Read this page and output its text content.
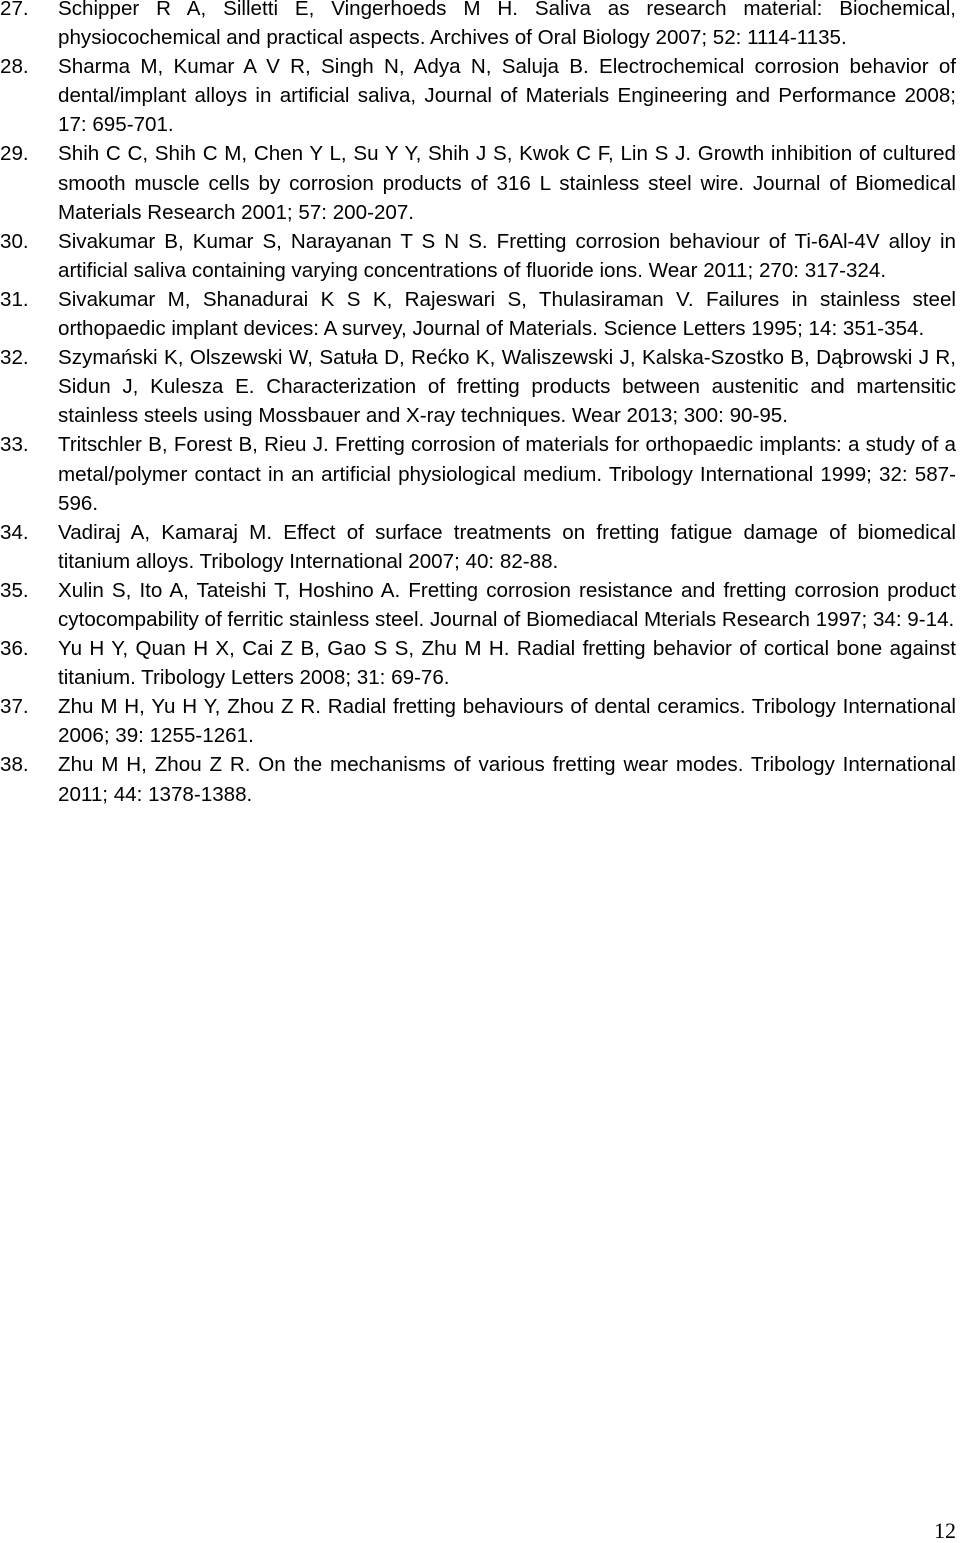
27. Schipper R A, Silletti E, Vingerhoeds M H. Saliva as research material: Biochemical, physiocochemical and practical aspects. Archives of Oral Biology 2007; 52: 1114-1135.
28. Sharma M, Kumar A V R, Singh N, Adya N, Saluja B. Electrochemical corrosion behavior of dental/implant alloys in artificial saliva, Journal of Materials Engineering and Performance 2008; 17: 695-701.
29. Shih C C, Shih C M, Chen Y L, Su Y Y, Shih J S, Kwok C F, Lin S J. Growth inhibition of cultured smooth muscle cells by corrosion products of 316 L stainless steel wire. Journal of Biomedical Materials Research 2001; 57: 200-207.
30. Sivakumar B, Kumar S, Narayanan T S N S. Fretting corrosion behaviour of Ti-6Al-4V alloy in artificial saliva containing varying concentrations of fluoride ions. Wear 2011; 270: 317-324.
31. Sivakumar M, Shanadurai K S K, Rajeswari S, Thulasiraman V. Failures in stainless steel orthopaedic implant devices: A survey, Journal of Materials. Science Letters 1995; 14: 351-354.
32. Szymański K, Olszewski W, Satuła D, Rećko K, Waliszewski J, Kalska-Szostko B, Dąbrowski J R, Sidun J, Kulesza E. Characterization of fretting products between austenitic and martensitic stainless steels using Mossbauer and X-ray techniques. Wear 2013; 300: 90-95.
33. Tritschler B, Forest B, Rieu J. Fretting corrosion of materials for orthopaedic implants: a study of a metal/polymer contact in an artificial physiological medium. Tribology International 1999; 32: 587-596.
34. Vadiraj A, Kamaraj M. Effect of surface treatments on fretting fatigue damage of biomedical titanium alloys. Tribology International 2007; 40: 82-88.
35. Xulin S, Ito A, Tateishi T, Hoshino A. Fretting corrosion resistance and fretting corrosion product cytocompability of ferritic stainless steel. Journal of Biomediacal Mterials Research 1997; 34: 9-14.
36. Yu H Y, Quan H X, Cai Z B, Gao S S, Zhu M H. Radial fretting behavior of cortical bone against titanium. Tribology Letters 2008; 31: 69-76.
37. Zhu M H, Yu H Y, Zhou Z R. Radial fretting behaviours of dental ceramics. Tribology International 2006; 39: 1255-1261.
38. Zhu M H, Zhou Z R. On the mechanisms of various fretting wear modes. Tribology International 2011; 44: 1378-1388.
12
